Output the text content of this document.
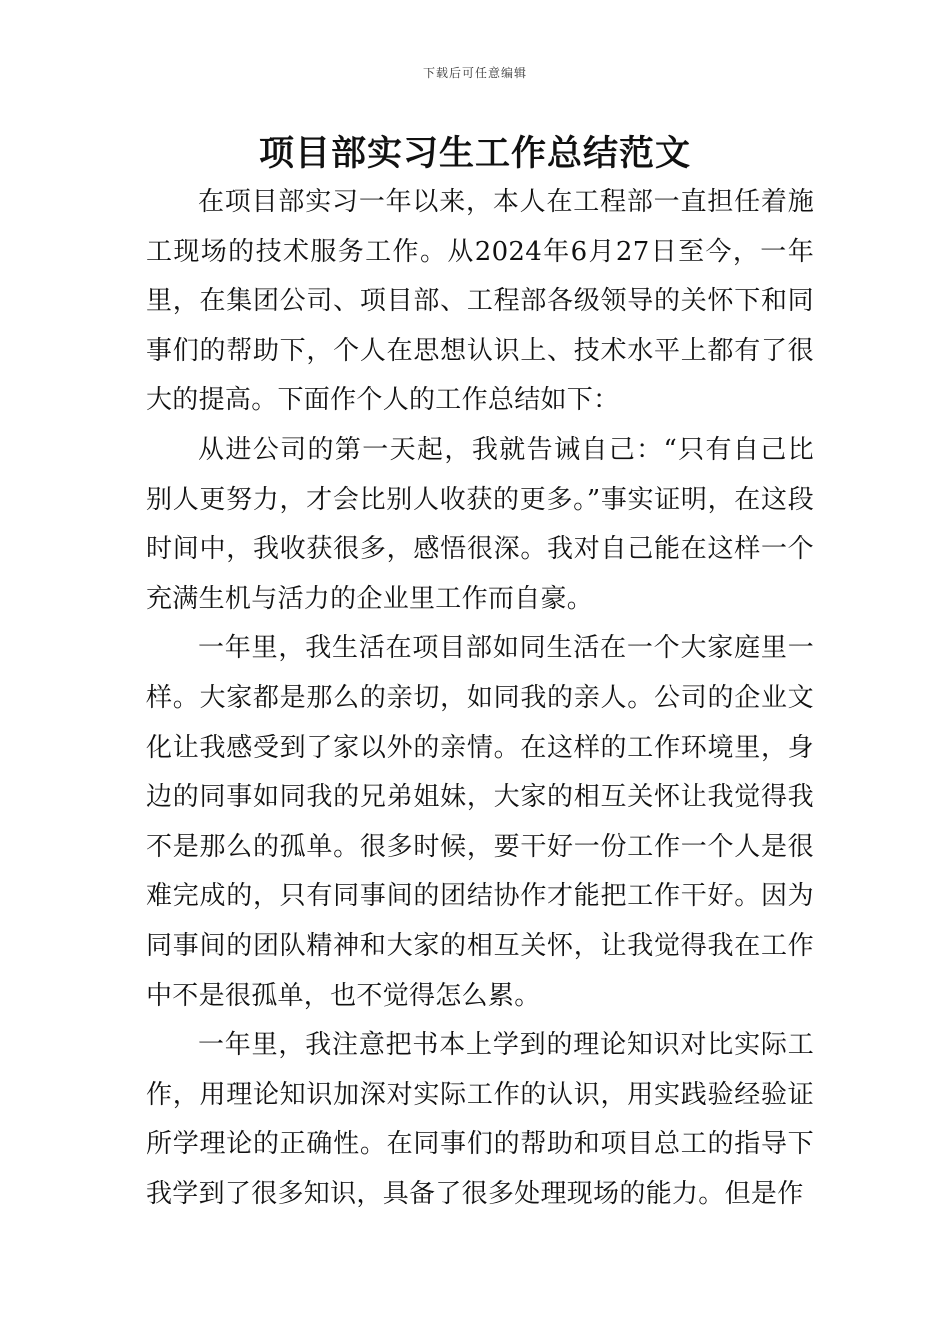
下载后可任意编辑
项目部实习生工作总结范文

在项目部实习一年以来，本人在工程部一直担任着施工现场的技术服务工作。从2024年6月27日至今，一年里，在集团公司、项目部、工程部各级领导的关怀下和同事们的帮助下，个人在思想认识上、技术水平上都有了很大的提高。下面作个人的工作总结如下：

从进公司的第一天起，我就告诫自己：“只有自己比别人更努力，才会比别人收获的更多。”事实证明，在这段时间中，我收获很多，感悟很深。我对自己能在这样一个充满生机与活力的企业里工作而自豪。

一年里，我生活在项目部如同生活在一个大家庭里一样。大家都是那么的亲切，如同我的亲人。公司的企业文化让我感受到了家以外的亲情。在这样的工作环境里，身边的同事如同我的兄弟姐妹，大家的相互关怀让我觉得我不是那么的孤单。很多时候，要干好一份工作一个人是很难完成的，只有同事间的团结协作才能把工作干好。因为同事间的团队精神和大家的相互关怀，让我觉得我在工作中不是很孤单，也不觉得怎么累。

一年里，我注意把书本上学到的理论知识对比实际工作，用理论知识加深对实际工作的认识，用实践验经验证所学理论的正确性。在同事们的帮助和项目总工的指导下我学到了很多知识，具备了很多处理现场的能力。但是作
